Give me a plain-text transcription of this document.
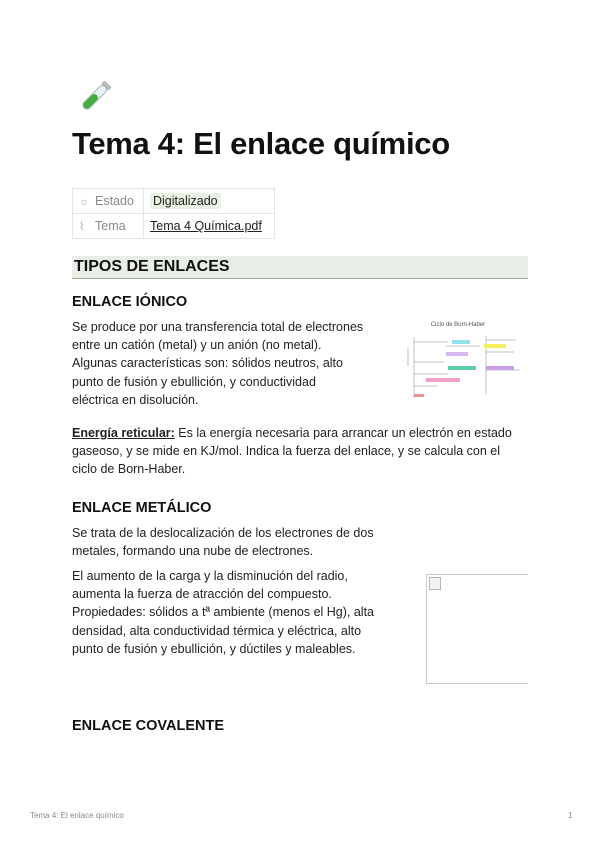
Tema 4: El enlace químico
☼ Estado	Digitalizado
⌇ Tema	Tema 4 Química.pdf
TIPOS DE ENLACES
ENLACE IÓNICO
Se produce por una transferencia total de electrones
entre un catión (metal) y un anión (no metal).
Algunas características son: sólidos neutros, alto
punto de fusión y ebullición, y conductividad
eléctrica en disolución.
Ciclo de Born-Haber
Energía reticular: Es la energía necesaria para arrancar un electrón en estado
gaseoso, y se mide en KJ/mol. Indica la fuerza del enlace, y se calcula con el
ciclo de Born-Haber.
ENLACE METÁLICO
Se trata de la deslocalización de los electrones de dos
metales, formando una nube de electrones.
El aumento de la carga y la disminución del radio,
aumenta la fuerza de atracción del compuesto.
Propiedades: sólidos a tª ambiente (menos el Hg), alta
densidad, alta conductividad térmica y eléctrica, alto
punto de fusión y ebullición, y dúctiles y maleables.
ENLACE COVALENTE
Tema 4: El enlace químico	1
